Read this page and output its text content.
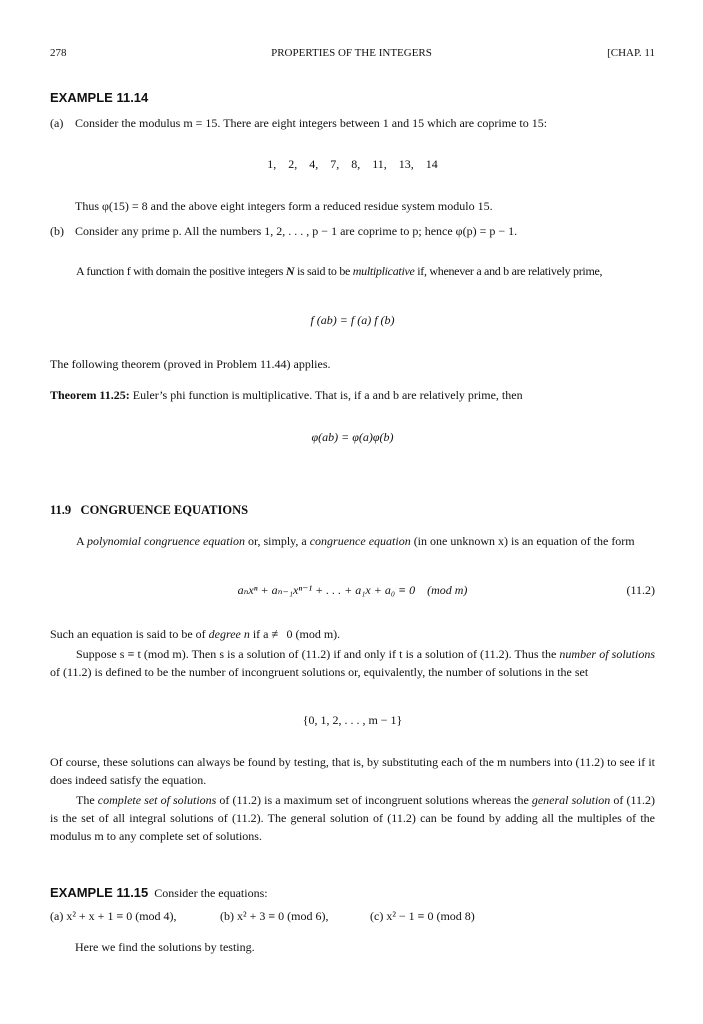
278	PROPERTIES OF THE INTEGERS	[CHAP. 11
EXAMPLE 11.14
(a) Consider the modulus m = 15. There are eight integers between 1 and 15 which are coprime to 15:
1,    2,    4,    7,    8,    11,    13,    14
Thus φ(15) = 8 and the above eight integers form a reduced residue system modulo 15.
(b) Consider any prime p. All the numbers 1, 2, . . . , p − 1 are coprime to p; hence φ(p) = p − 1.
A function f with domain the positive integers N is said to be multiplicative if, whenever a and b are relatively prime,
f (ab) = f (a) f (b)
The following theorem (proved in Problem 11.44) applies.
Theorem 11.25: Euler’s phi function is multiplicative. That is, if a and b are relatively prime, then
φ(ab) = φ(a)φ(b)
11.9   CONGRUENCE EQUATIONS
A polynomial congruence equation or, simply, a congruence equation (in one unknown x) is an equation of the form
aₙxⁿ + aₙ₋₁xⁿ⁻¹ + . . . + a₁x + a₀ ≡ 0    (mod m)	(11.2)
Such an equation is said to be of degree n if a ≢ 0 (mod m).
Suppose s ≡ t (mod m). Then s is a solution of (11.2) if and only if t is a solution of (11.2). Thus the number of solutions of (11.2) is defined to be the number of incongruent solutions or, equivalently, the number of solutions in the set
{0, 1, 2, . . . , m − 1}
Of course, these solutions can always be found by testing, that is, by substituting each of the m numbers into (11.2) to see if it does indeed satisfy the equation.
The complete set of solutions of (11.2) is a maximum set of incongruent solutions whereas the general solution of (11.2) is the set of all integral solutions of (11.2). The general solution of (11.2) can be found by adding all the multiples of the modulus m to any complete set of solutions.
EXAMPLE 11.15 Consider the equations:
(a) x² + x + 1 ≡ 0 (mod 4),	(b) x² + 3 ≡ 0 (mod 6),	(c) x² − 1 ≡ 0 (mod 8)
Here we find the solutions by testing.
